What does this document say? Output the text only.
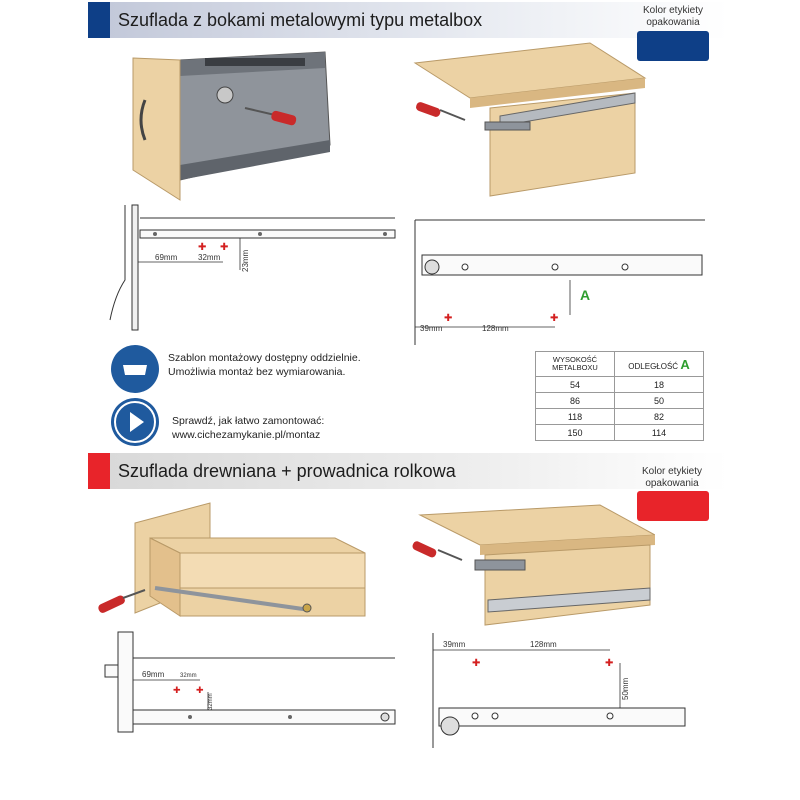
Szuflada z bokami metalowymi typu metalbox	Kolor etykiety
opakowania
✚ ✚
69mm	32mm	23mm
A
✚	✚
39mm	128mm
Szablon montażowy dostępny oddzielnie.
Umożliwia montaż bez wymiarowania.
Sprawdź, jak łatwo zamontować:
www.cichezamykanie.pl/montaz
WYSOKOŚĆ
METALBOXU	ODLEGŁOŚĆ A
54	18
86	50
118	82
150	114
Szuflada drewniana + prowadnica rolkowa	Kolor etykiety
opakowania
✚ ✚
69mm	32mm
32mm
39mm	128mm
✚	✚
50mm
